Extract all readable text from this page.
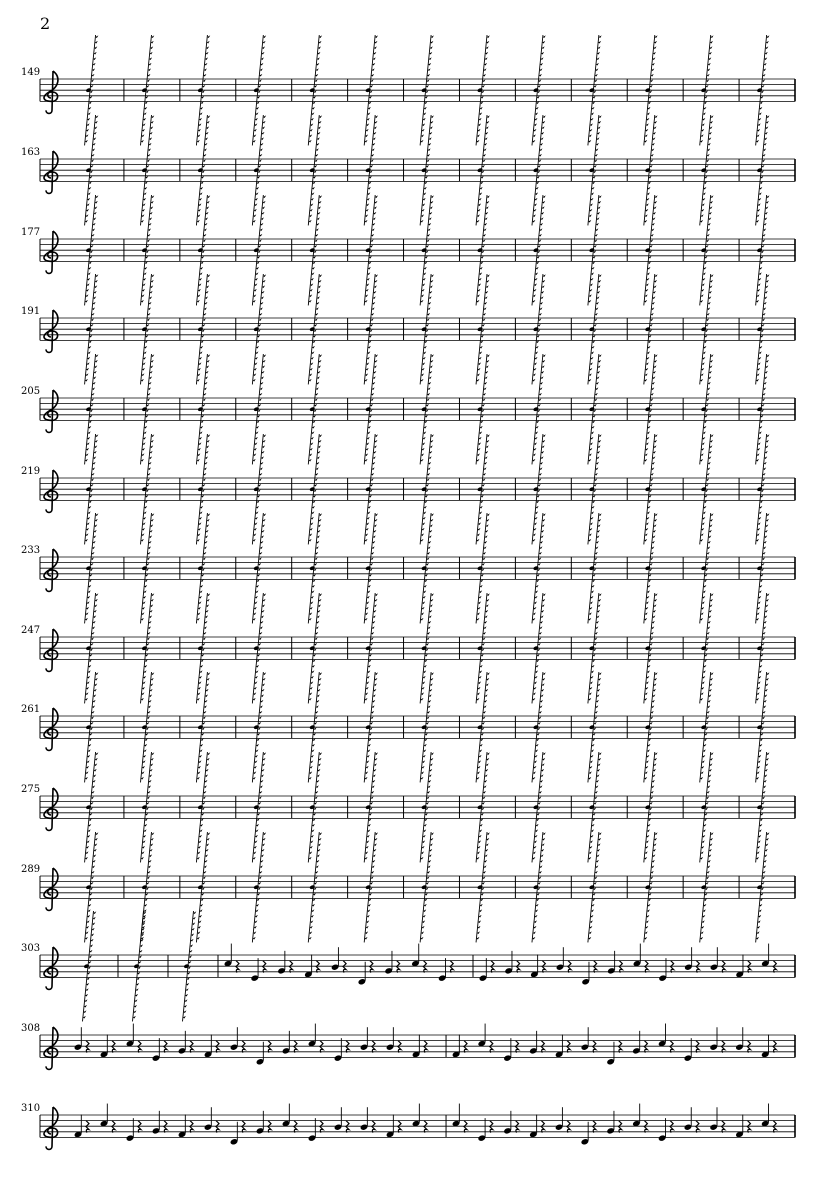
2
149
163
177
191
205
219
233
247
261
275
289
303
308
310
